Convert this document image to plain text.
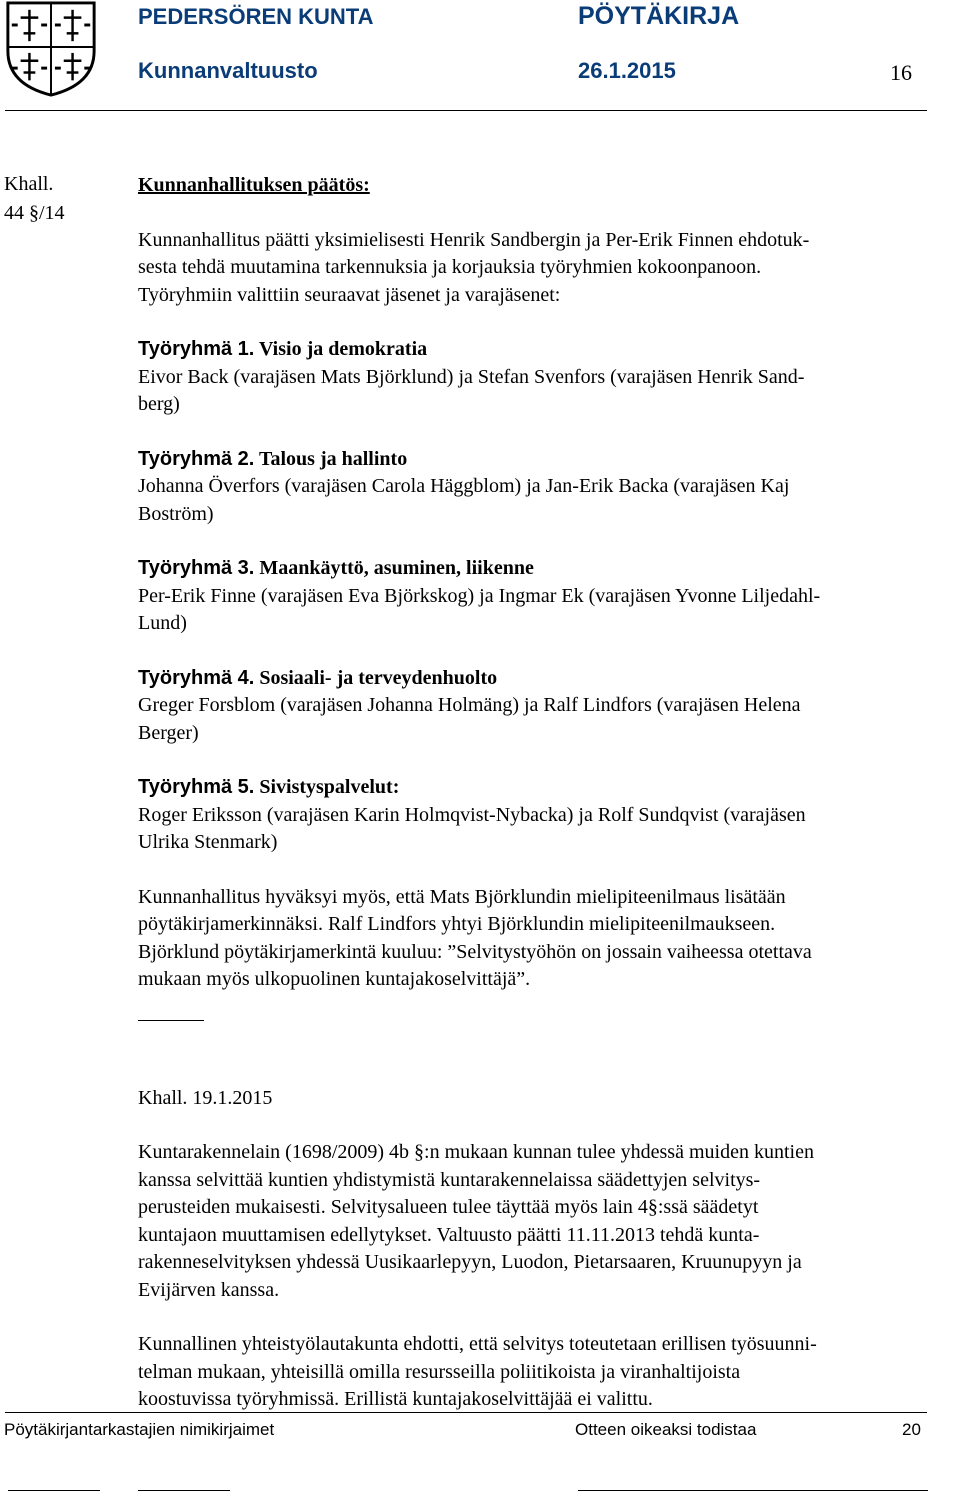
PEDERSÖREN KUNTA	PÖYTÄKIRJA
Kunnanvaltuusto	26.1.2015	16
Khall.
44 §/14
Kunnanhallituksen päätös:
Kunnanhallitus päätti yksimielisesti Henrik Sandbergin ja Per-Erik Finnen ehdotuk-
sesta tehdä muutamina tarkennuksia ja korjauksia työryhmien kokoonpanoon.
Työryhmiin valittiin seuraavat jäsenet ja varajäsenet:
Työryhmä 1. Visio ja demokratia
Eivor Back (varajäsen Mats Björklund) ja Stefan Svenfors (varajäsen Henrik Sand-
berg)
Työryhmä 2. Talous ja hallinto
Johanna Överfors (varajäsen Carola Häggblom) ja Jan-Erik Backa (varajäsen Kaj
Boström)
Työryhmä 3. Maankäyttö, asuminen, liikenne
Per-Erik Finne (varajäsen Eva Björkskog) ja Ingmar Ek (varajäsen Yvonne Liljedahl-
Lund)
Työryhmä 4. Sosiaali- ja terveydenhuolto
Greger Forsblom (varajäsen Johanna Holmäng) ja Ralf Lindfors (varajäsen Helena
Berger)
Työryhmä 5. Sivistyspalvelut:
Roger Eriksson (varajäsen Karin Holmqvist-Nybacka) ja Rolf Sundqvist (varajäsen
Ulrika Stenmark)
Kunnanhallitus hyväksyi myös, että Mats Björklundin mielipiteenilmaus lisätään
pöytäkirjamerkinnäksi. Ralf Lindfors yhtyi Björklundin mielipiteenilmaukseen.
Björklund pöytäkirjamerkintä kuuluu: ”Selvitystyöhön on jossain vaiheessa otettava
mukaan myös ulkopuolinen kuntajakoselvittäjä”.
Khall. 19.1.2015
Kuntarakennelain (1698/2009) 4b §:n mukaan kunnan tulee yhdessä muiden kuntien
kanssa selvittää kuntien yhdistymistä kuntarakennelaissa säädettyjen selvitys-
perusteiden mukaisesti. Selvitysalueen tulee täyttää myös lain 4§:ssä säädetyt
kuntajaon muuttamisen edellytykset. Valtuusto päätti 11.11.2013 tehdä kunta-
rakenneselvityksen yhdessä Uusikaarlepyyn, Luodon, Pietarsaaren, Kruunupyyn ja
Evijärven kanssa.
Kunnallinen yhteistyölautakunta ehdotti, että selvitys toteutetaan erillisen työsuunni-
telman mukaan, yhteisillä omilla resursseilla poliitikoista ja viranhaltijoista
koostuvissa työryhmissä. Erillistä kuntajakoselvittäjää ei valittu.
Pöytäkirjantarkastajien nimikirjaimet	Otteen oikeaksi todistaa	20
